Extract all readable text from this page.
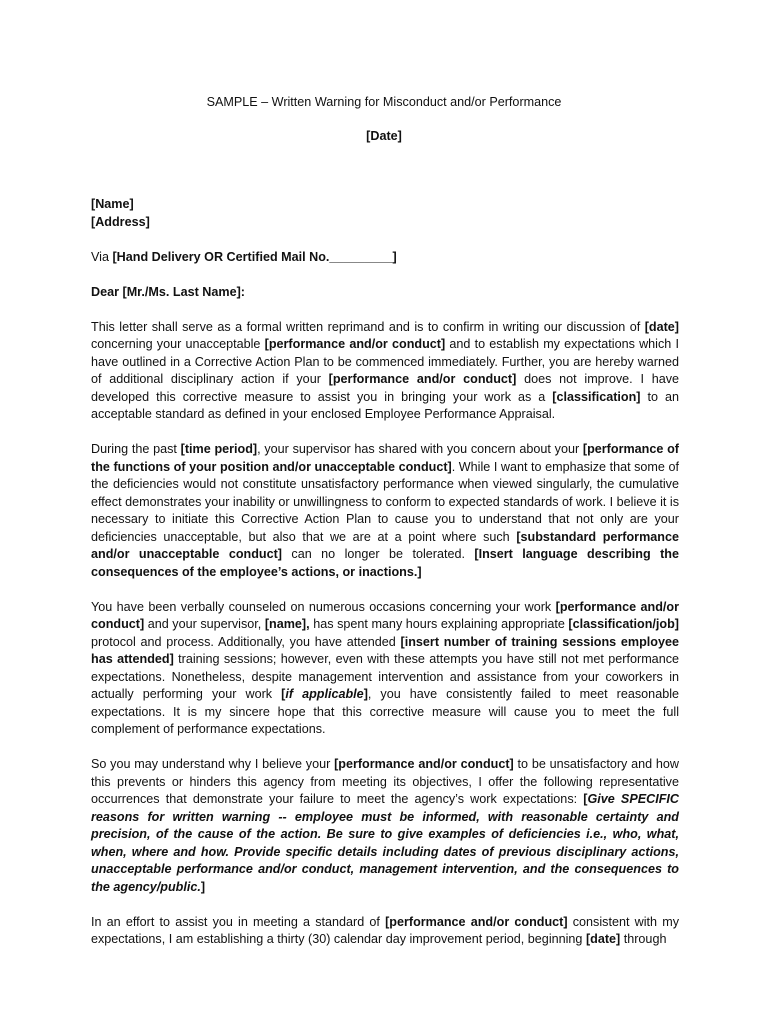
SAMPLE – Written Warning for Misconduct and/or Performance
[Date]
[Name]
[Address]

Via [Hand Delivery OR Certified Mail No._________]

Dear [Mr./Ms. Last Name]:

This letter shall serve as a formal written reprimand and is to confirm in writing our discussion of [date] concerning your unacceptable [performance and/or conduct] and to establish my expectations which I have outlined in a Corrective Action Plan to be commenced immediately. Further, you are hereby warned of additional disciplinary action if your [performance and/or conduct] does not improve. I have developed this corrective measure to assist you in bringing your work as a [classification] to an acceptable standard as defined in your enclosed Employee Performance Appraisal.

During the past [time period], your supervisor has shared with you concern about your [performance of the functions of your position and/or unacceptable conduct]. While I want to emphasize that some of the deficiencies would not constitute unsatisfactory performance when viewed singularly, the cumulative effect demonstrates your inability or unwillingness to conform to expected standards of work. I believe it is necessary to initiate this Corrective Action Plan to cause you to understand that not only are your deficiencies unacceptable, but also that we are at a point where such [substandard performance and/or unacceptable conduct] can no longer be tolerated. [Insert language describing the consequences of the employee’s actions, or inactions.]

You have been verbally counseled on numerous occasions concerning your work [performance and/or conduct] and your supervisor, [name], has spent many hours explaining appropriate [classification/job] protocol and process. Additionally, you have attended [insert number of training sessions employee has attended] training sessions; however, even with these attempts you have still not met performance expectations. Nonetheless, despite management intervention and assistance from your coworkers in actually performing your work [if applicable], you have consistently failed to meet reasonable expectations. It is my sincere hope that this corrective measure will cause you to meet the full complement of performance expectations.

So you may understand why I believe your [performance and/or conduct] to be unsatisfactory and how this prevents or hinders this agency from meeting its objectives, I offer the following representative occurrences that demonstrate your failure to meet the agency’s work expectations: [Give SPECIFIC reasons for written warning -- employee must be informed, with reasonable certainty and precision, of the cause of the action. Be sure to give examples of deficiencies i.e., who, what, when, where and how. Provide specific details including dates of previous disciplinary actions, unacceptable performance and/or conduct, management intervention, and the consequences to the agency/public.]

In an effort to assist you in meeting a standard of [performance and/or conduct] consistent with my expectations, I am establishing a thirty (30) calendar day improvement period, beginning [date] through
